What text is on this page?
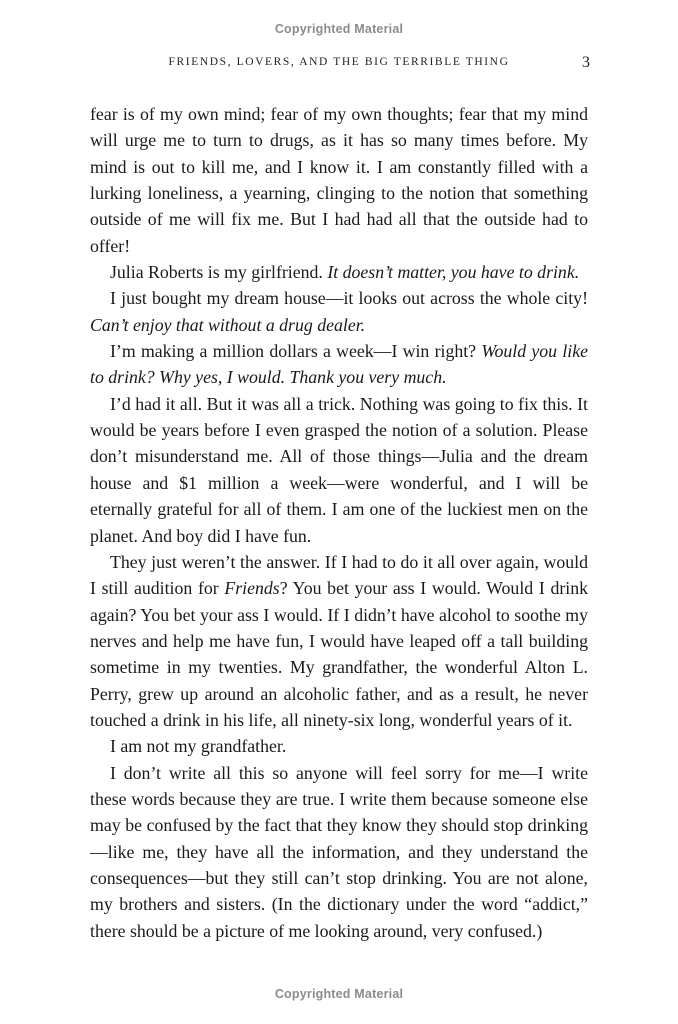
Copyrighted Material
FRIENDS, LOVERS, AND THE BIG TERRIBLE THING	3

fear is of my own mind; fear of my own thoughts; fear that my mind will urge me to turn to drugs, as it has so many times before. My mind is out to kill me, and I know it. I am constantly filled with a lurking loneliness, a yearning, clinging to the notion that something outside of me will fix me. But I had had all that the outside had to offer!

Julia Roberts is my girlfriend. It doesn’t matter, you have to drink.

I just bought my dream house—it looks out across the whole city! Can’t enjoy that without a drug dealer.

I’m making a million dollars a week—I win right? Would you like to drink? Why yes, I would. Thank you very much.

I’d had it all. But it was all a trick. Nothing was going to fix this. It would be years before I even grasped the notion of a solution. Please don’t misunderstand me. All of those things—Julia and the dream house and $1 million a week—were wonderful, and I will be eternally grateful for all of them. I am one of the luckiest men on the planet. And boy did I have fun.

They just weren’t the answer. If I had to do it all over again, would I still audition for Friends? You bet your ass I would. Would I drink again? You bet your ass I would. If I didn’t have alcohol to soothe my nerves and help me have fun, I would have leaped off a tall building sometime in my twenties. My grandfather, the wonderful Alton L. Perry, grew up around an alcoholic father, and as a result, he never touched a drink in his life, all ninety-six long, wonderful years of it.

I am not my grandfather.

I don’t write all this so anyone will feel sorry for me—I write these words because they are true. I write them because someone else may be confused by the fact that they know they should stop drinking—like me, they have all the information, and they understand the consequences—but they still can’t stop drinking. You are not alone, my brothers and sisters. (In the dictionary under the word “addict,” there should be a picture of me looking around, very confused.)

Copyrighted Material
